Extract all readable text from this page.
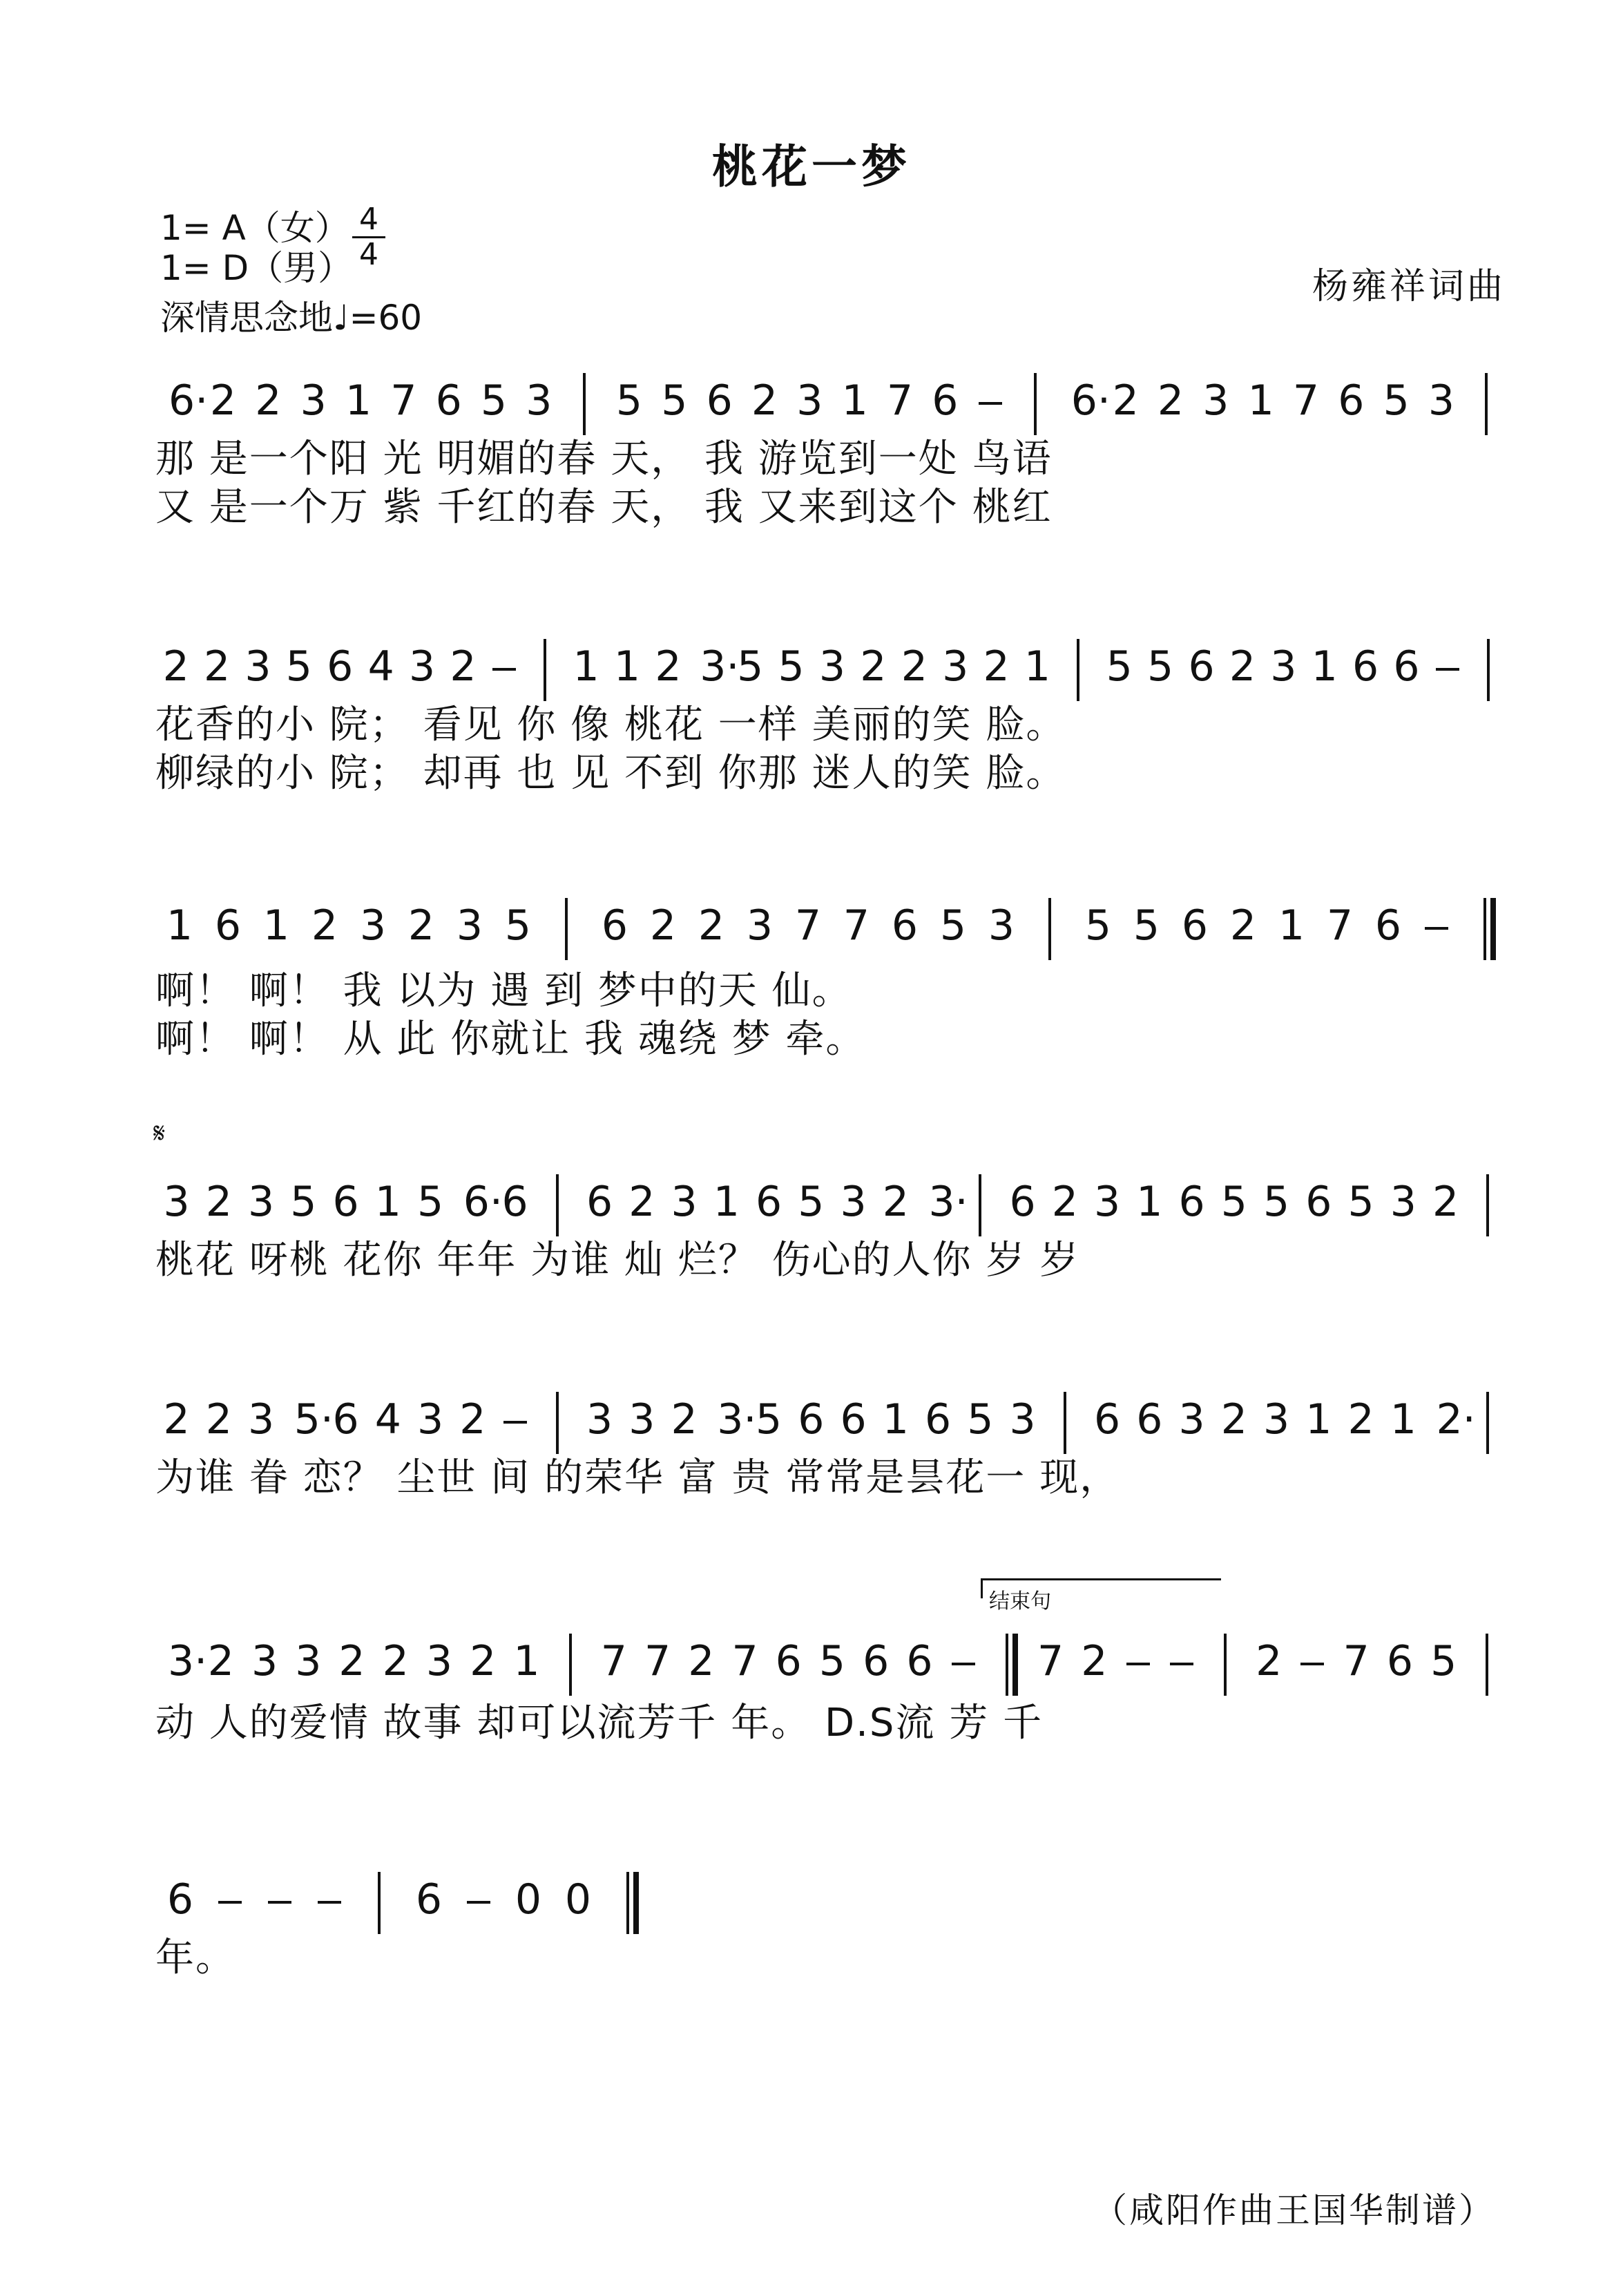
桃花一梦
1= A（女）
1= D（男）
4
4
深情思念地♩=60
杨雍祥词曲
6· 2 2 3 1 7 6 5 3 5 5 6 2 3 1 7 6	6· 2 2 3 1 7 6 5 3
那 是一个阳 光 明媚的春 天， 我 游览到一处 鸟语
又 是一个万 紫 千红的春 天， 我 又来到这个 桃红
2 2 3 5 6 4 3 2 1 1 2 3·
5 5 3 2 2 3 2 1 5 5 6 2 3 1 6 6
花香的小 院； 看见 你 像 桃花 一样 美丽的笑 脸。
柳绿的小 院； 却再 也 见 不到 你那 迷人的笑 脸。
1 6 1 2 3 2 3 5 6 2 2 3 7 7 6 5 3 5 5 6 2 1 7 6
啊！ 啊！ 我 以为 遇 到 梦中的天 仙。
啊！ 啊！ 从 此 你就让 我 魂绕 梦 牵。
𝄋
3 2 3 5 6 1 5 6·
6 6 2 3 1 6 5 3 2 3· 6 2 3 1 6 5 5 6 5 3 2
桃花 呀桃 花你 年年 为谁 灿 烂？ 伤心的人你 岁 岁
2 2 3 5·
6 4 3 2 3 3 2 3·
5 6 6 1 6 5 3 6 6 3 2 3 1 2 1 2·
为谁 眷 恋？ 尘世 间 的荣华 富 贵 常常是昙花一 现，
结束句
3· 2 3 3 2 2 3 2 1 7 7 2 7 6 5 6 6	7 2	2 7 6 5
动 人的爱情 故事 却可以流芳千 年。 D.S流 芳 千
6	6 0 0
年。
（咸阳作曲王国华制谱）
